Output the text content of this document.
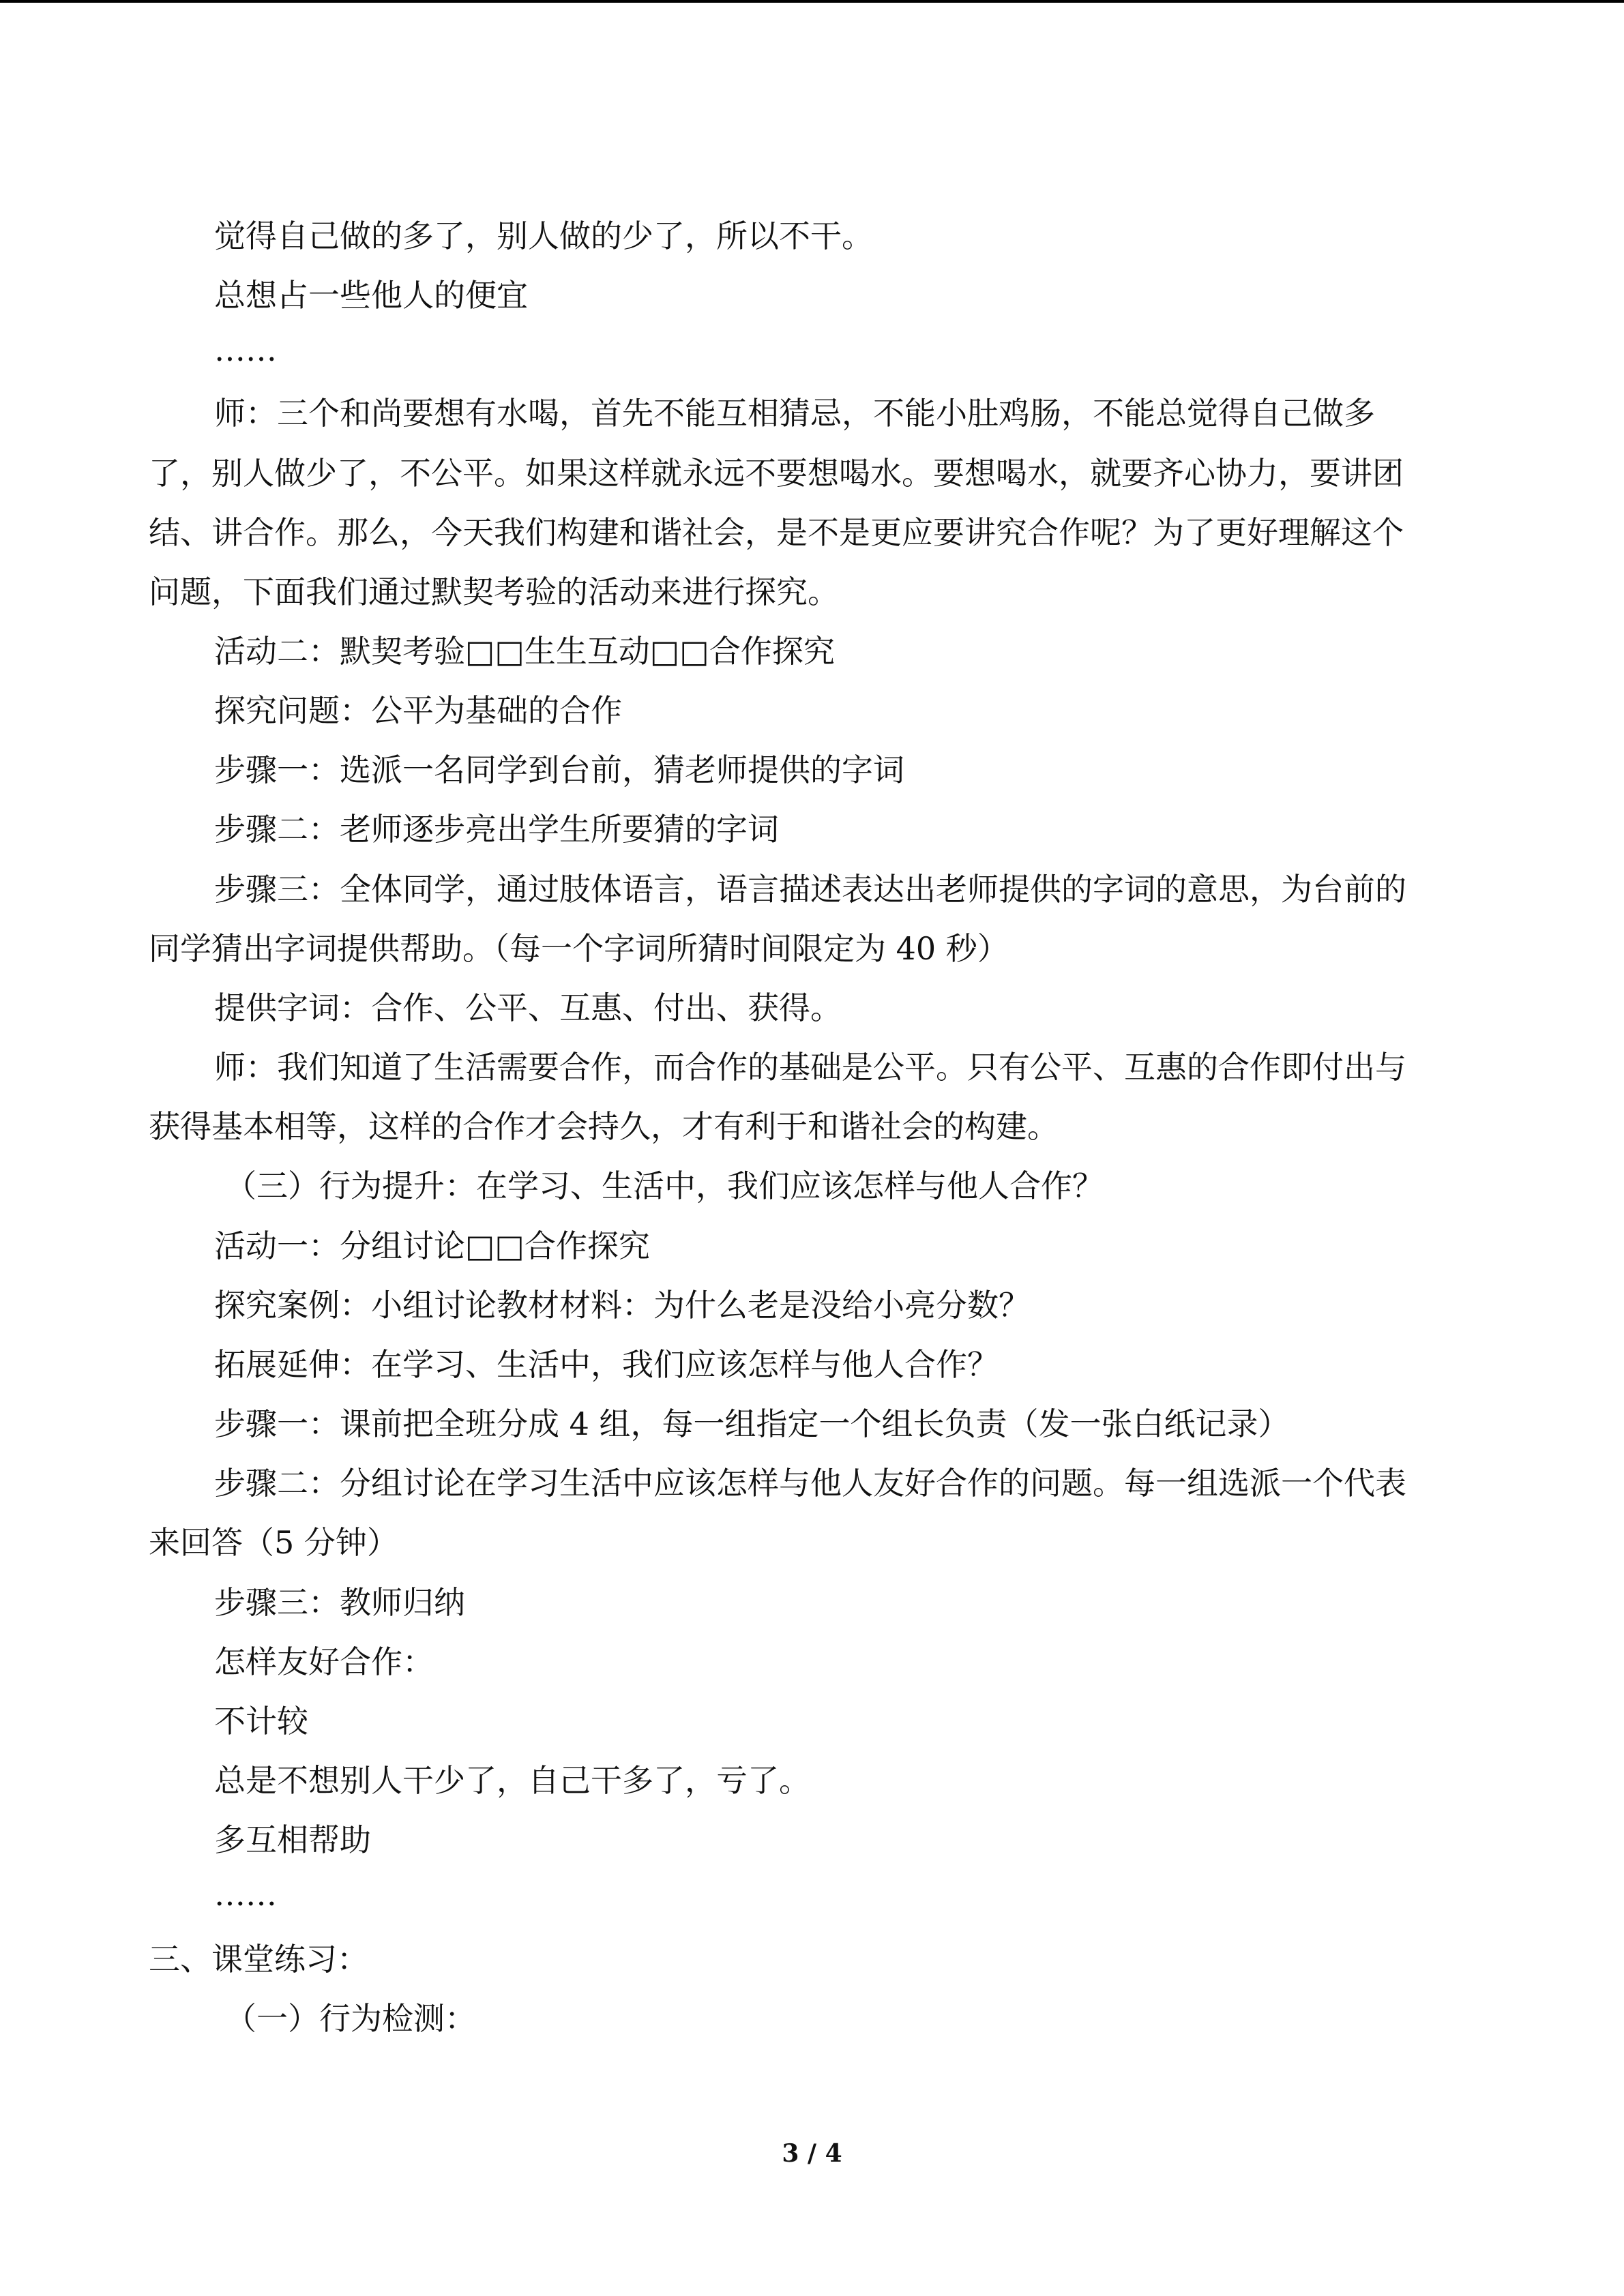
觉得自己做的多了，别人做的少了，所以不干。
总想占一些他人的便宜
……
师：三个和尚要想有水喝，首先不能互相猜忌，不能小肚鸡肠，不能总觉得自己做多
了，别人做少了，不公平。如果这样就永远不要想喝水。要想喝水，就要齐心协力，要讲团
结、讲合作。那么，今天我们构建和谐社会，是不是更应要讲究合作呢？为了更好理解这个
问题，下面我们通过默契考验的活动来进行探究。
活动二：默契考验□□生生互动□□合作探究
探究问题：公平为基础的合作
步骤一：选派一名同学到台前，猜老师提供的字词
步骤二：老师逐步亮出学生所要猜的字词
步骤三：全体同学，通过肢体语言，语言描述表达出老师提供的字词的意思，为台前的
同学猜出字词提供帮助。（每一个字词所猜时间限定为 40 秒）
提供字词：合作、公平、互惠、付出、获得。
师：我们知道了生活需要合作，而合作的基础是公平。只有公平、互惠的合作即付出与
获得基本相等，这样的合作才会持久，才有利于和谐社会的构建。
（三）行为提升：在学习、生活中，我们应该怎样与他人合作？
活动一：分组讨论□□合作探究
探究案例：小组讨论教材材料：为什么老是没给小亮分数？
拓展延伸：在学习、生活中，我们应该怎样与他人合作？
步骤一：课前把全班分成 4 组，每一组指定一个组长负责（发一张白纸记录）
步骤二：分组讨论在学习生活中应该怎样与他人友好合作的问题。每一组选派一个代表
来回答（5 分钟）
步骤三：教师归纳
怎样友好合作：
不计较
总是不想别人干少了，自己干多了，亏了。
多互相帮助
……
三、课堂练习：
（一）行为检测：
3 / 4
